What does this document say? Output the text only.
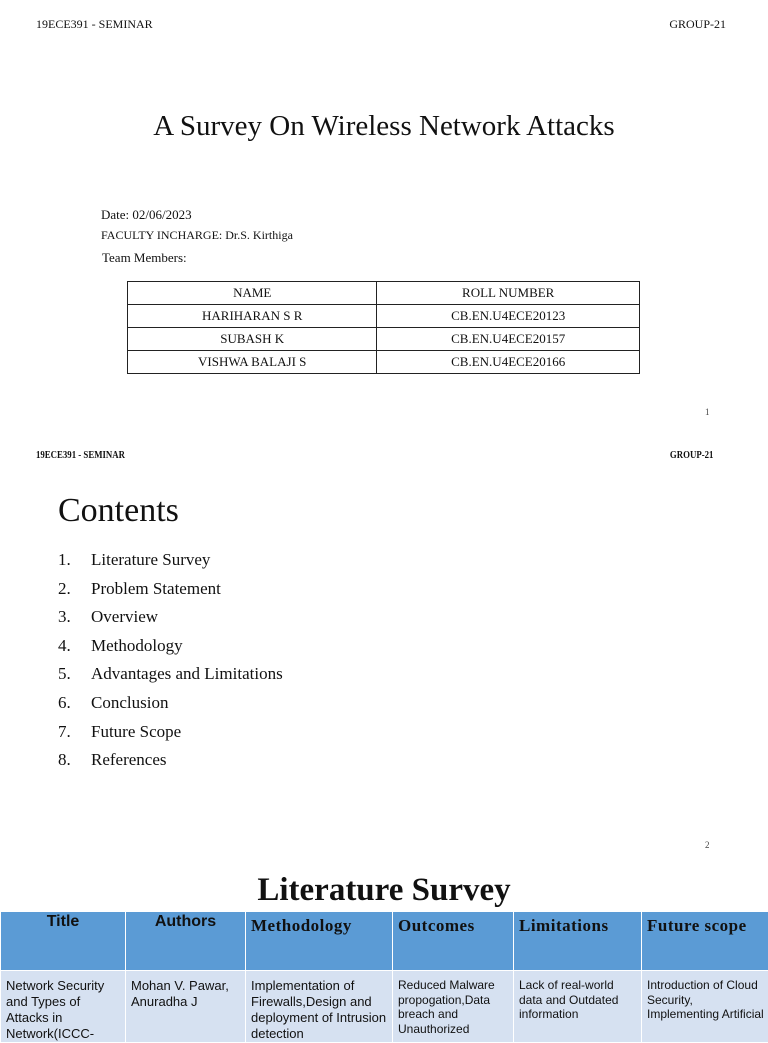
19ECE391 - SEMINAR	GROUP-21
A Survey On Wireless Network Attacks
Date: 02/06/2023
FACULTY INCHARGE: Dr.S. Kirthiga
Team Members:
NAME	ROLL NUMBER
HARIHARAN S R	CB.EN.U4ECE20123
SUBASH K	CB.EN.U4ECE20157
VISHWA BALAJI S	CB.EN.U4ECE20166
1
19ECE391 - SEMINAR	GROUP-21
Contents
1.	Literature Survey
2.	Problem Statement
3.	Overview
4.	Methodology
5.	Advantages and Limitations
6.	Conclusion
7.	Future Scope
8.	References
2
Literature Survey
Title	Authors	Methodology	Outcomes	Limitations	Future scope
Network Security and Types of Attacks in Network(ICCC-	Mohan V. Pawar, Anuradha J	Implementation of Firewalls,Design and deployment of Intrusion detection	Reduced Malware propogation,Data breach and Unauthorized	Lack of real-world data and Outdated information	Introduction of Cloud Security, Implementing Artificial
